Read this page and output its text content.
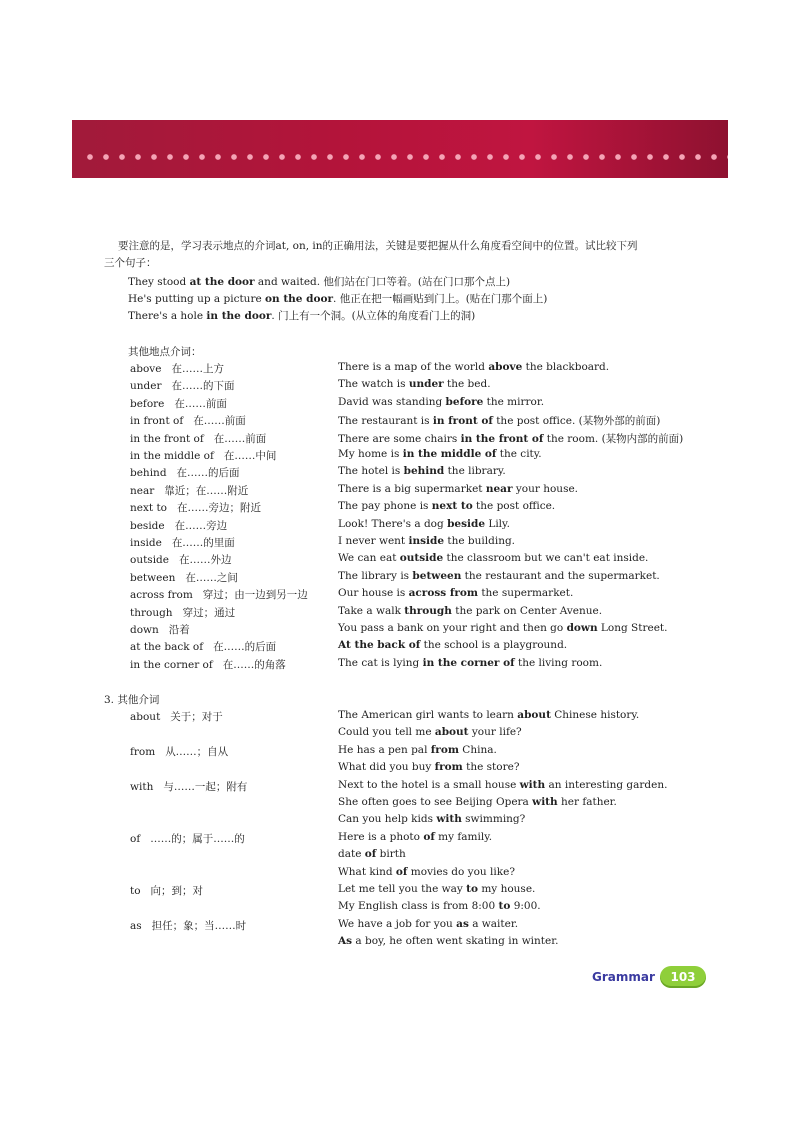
要注意的是，学习表示地点的介词at, on, in的正确用法，关键是要把握从什么角度看空间中的位置。试比较下列
三个句子：
They stood at the door and waited. 他们站在门口等着。(站在门口那个点上)
He's putting up a picture on the door. 他正在把一幅画贴到门上。(贴在门那个面上)
There's a hole in the door. 门上有一个洞。(从立体的角度看门上的洞)
其他地点介词：
above 在……上方	There is a map of the world above the blackboard.
under 在……的下面	The watch is under the bed.
before 在……前面	David was standing before the mirror.
in front of 在……前面	The restaurant is in front of the post office. (某物外部的前面)
in the front of 在……前面	There are some chairs in the front of the room. (某物内部的前面)
in the middle of 在……中间	My home is in the middle of the city.
behind 在……的后面	The hotel is behind the library.
near 靠近；在……附近	There is a big supermarket near your house.
next to 在……旁边；附近	The pay phone is next to the post office.
beside 在……旁边	Look! There's a dog beside Lily.
inside 在……的里面	I never went inside the building.
outside 在……外边	We can eat outside the classroom but we can't eat inside.
between 在……之间	The library is between the restaurant and the supermarket.
across from 穿过；由一边到另一边	Our house is across from the supermarket.
through 穿过；通过	Take a walk through the park on Center Avenue.
down 沿着	You pass a bank on your right and then go down Long Street.
at the back of 在……的后面	At the back of the school is a playground.
in the corner of 在……的角落	The cat is lying in the corner of the living room.
3. 其他介词
about 关于；对于	The American girl wants to learn about Chinese history.
Could you tell me about your life?
from 从……；自从	He has a pen pal from China.
What did you buy from the store?
with 与……一起；附有	Next to the hotel is a small house with an interesting garden.
She often goes to see Beijing Opera with her father.
Can you help kids with swimming?
of ……的；属于……的	Here is a photo of my family.
date of birth
What kind of movies do you like?
to 向；到；对	Let me tell you the way to my house.
My English class is from 8:00 to 9:00.
as 担任；象；当……时	We have a job for you as a waiter.
As a boy, he often went skating in winter.
Grammar	103
